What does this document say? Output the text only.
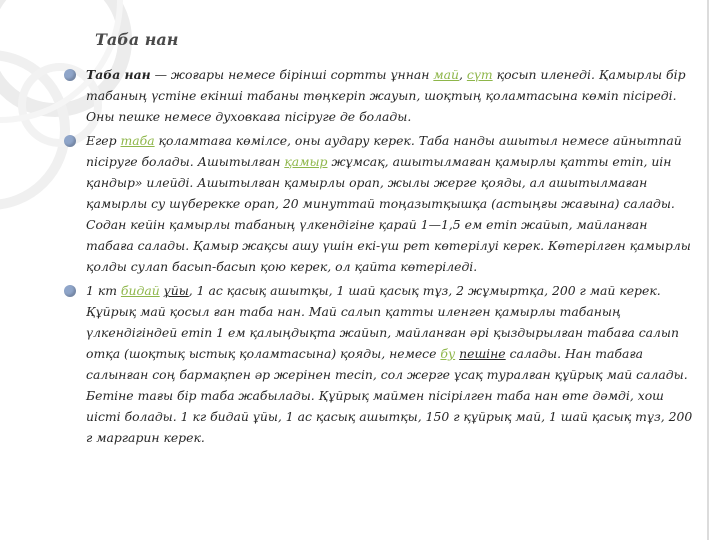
Таба нан
Таба нан — жоғары немесе бірінші сортты ұннан май, сүт қосып иленеді. Қамырлы бір табаның үстіне екінші табаны төңкеріп жауып, шоқтың қоламтасына көміп пісіреді. Оны пешке немесе духовкаға пісіруге де болады.
Егер таба қоламтаға көмілсе, оны аудару керек. Таба нанды ашытыл немесе айнытпай пісіруге болады. Ашытылған қамыр жұмсақ, ашытылмаған қамырлы қатты етіп, иін қандыр» илейді. Ашытылған қамырлы орап, жылы жерге қояды, ал ашытылмаған қамырлы су шүберекке орап, 20 минуттай тоңазытқышқа (астыңғы жағына) салады. Содан кейін қамырлы табаның үлкендігіне қарай 1—1,5 ем етіп жайып, майланған табаға салады. Қамыр жақсы ашу үшін екі-үш рет көтерілуі керек. Көтерілген қамырлы қолды сулап басып-басып қою керек, ол қайта көтеріледі.
1 кт бидай ұйы, 1 ас қасық ашытқы, 1 шай қасық тұз, 2 жұмыртқа, 200 г май керек. Құйрық май қосыл ған таба нан. Май салып қатты иленген қамырлы табаның үлкендігіндей етіп 1 ем қалыңдықта жайып, майланған әрі қыздырылған табаға салып отқа (шоқтық ыстық қоламтасына) қояды, немесе бу пешіне салады. Нан табаға салынған соң бармақпен әр жерінен тесіп, сол жерге ұсақ туралған құйрық май салады. Бетіне тағы бір таба жабылады. Құйрық маймен пісірілген таба нан өте дәмді, хош иісті болады. 1 кг бидай ұйы, 1 ас қасық ашытқы, 150 г құйрық май, 1 шай қасық тұз, 200 г маргарин керек.
